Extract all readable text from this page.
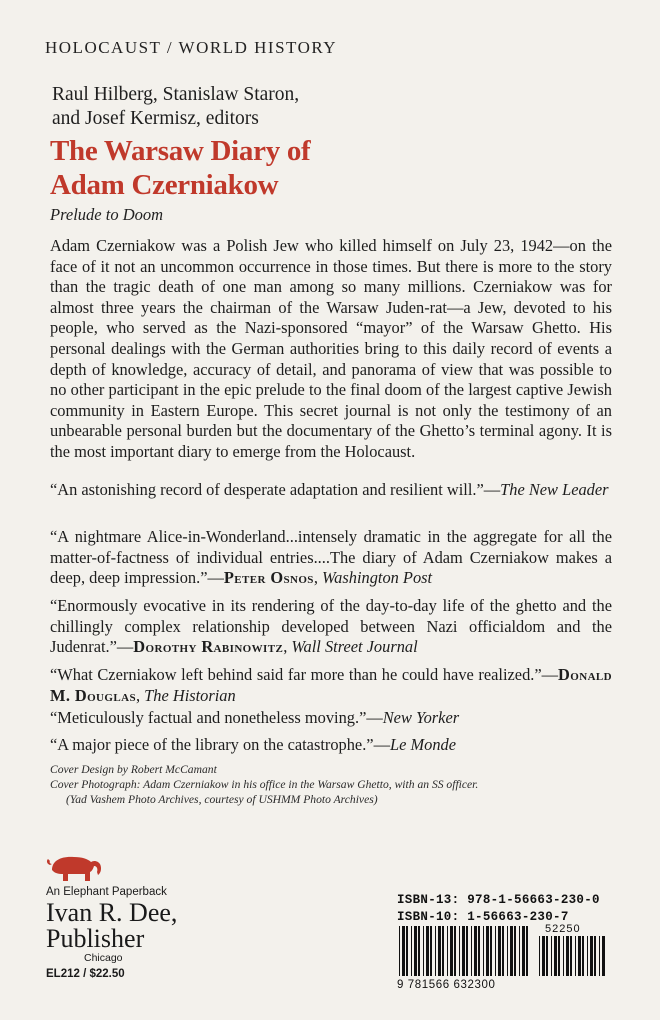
HOLOCAUST / WORLD HISTORY
Raul Hilberg, Stanislaw Staron,
and Josef Kermisz, editors
The Warsaw Diary of
Adam Czerniakow
Prelude to Doom
Adam Czerniakow was a Polish Jew who killed himself on July 23, 1942—on the face of it not an uncommon occurrence in those times. But there is more to the story than the tragic death of one man among so many millions. Czerniakow was for almost three years the chairman of the Warsaw Juden-rat—a Jew, devoted to his people, who served as the Nazi-sponsored “mayor” of the Warsaw Ghetto. His personal dealings with the German authorities bring to this daily record of events a depth of knowledge, accuracy of detail, and panorama of view that was possible to no other participant in the epic prelude to the final doom of the largest captive Jewish community in Eastern Europe. This secret journal is not only the testimony of an unbearable personal burden but the documentary of the Ghetto’s terminal agony. It is the most important diary to emerge from the Holocaust.
“An astonishing record of desperate adaptation and resilient will.”—The New Leader
“A nightmare Alice-in-Wonderland...intensely dramatic in the aggregate for all the matter-of-factness of individual entries....The diary of Adam Czerniakow makes a deep, deep impression.”—Peter Osnos, Washington Post
“Enormously evocative in its rendering of the day-to-day life of the ghetto and the chillingly complex relationship developed between Nazi officialdom and the Judenrat.”—Dorothy Rabinowitz, Wall Street Journal
“What Czerniakow left behind said far more than he could have realized.”—Donald M. Douglas, The Historian
“Meticulously factual and nonetheless moving.”—New Yorker
“A major piece of the library on the catastrophe.”—Le Monde
Cover Design by Robert McCamant
Cover Photograph: Adam Czerniakow in his office in the Warsaw Ghetto, with an SS officer.
(Yad Vashem Photo Archives, courtesy of USHMM Photo Archives)
An Elephant Paperback
Ivan R. Dee,
Publisher
Chicago
EL212 / $22.50
ISBN-13: 978-1-56663-230-0
ISBN-10: 1-56663-230-7
9 781566 632300
52250
